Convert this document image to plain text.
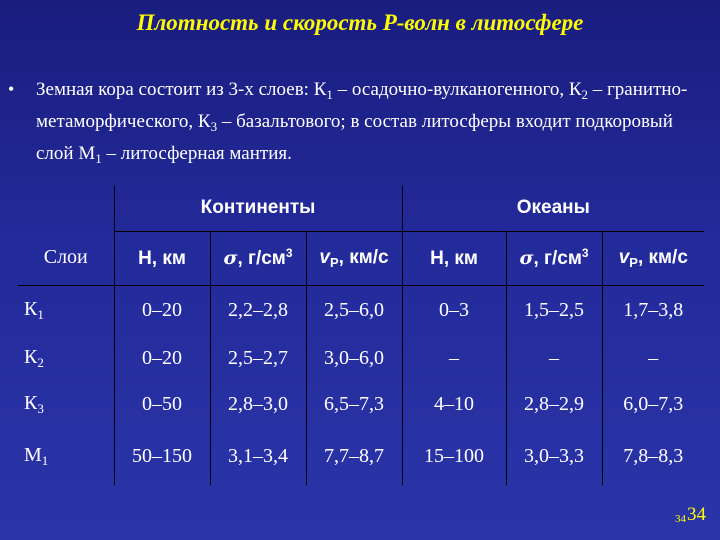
Плотность и скорость P-волн в литосфере
• Земная кора состоит из 3-х слоев: $К_1$ – осадочно-вулканогенного, $К_2$ – гранитно-метаморфического, $К_3$ – базальтового; в состав литосферы входит подкоровый слой $М_1$ – литосферная мантия.
Слои	Континенты			Океаны		
	H, км	σ, $г/см^3$	$v_P$, км/с	H, км	σ, $г/см^3$	$v_P$, км/с
$К_1$	0–20	2,2–2,8	2,5–6,0	0–3	1,5–2,5	1,7–3,8
$К_2$	0–20	2,5–2,7	3,0–6,0	–	–	–
$К_3$	0–50	2,8–3,0	6,5–7,3	4–10	2,8–2,9	6,0–7,3
$М_1$	50–150	3,1–3,4	7,7–8,7	15–100	3,0–3,3	7,8–8,3
3434
